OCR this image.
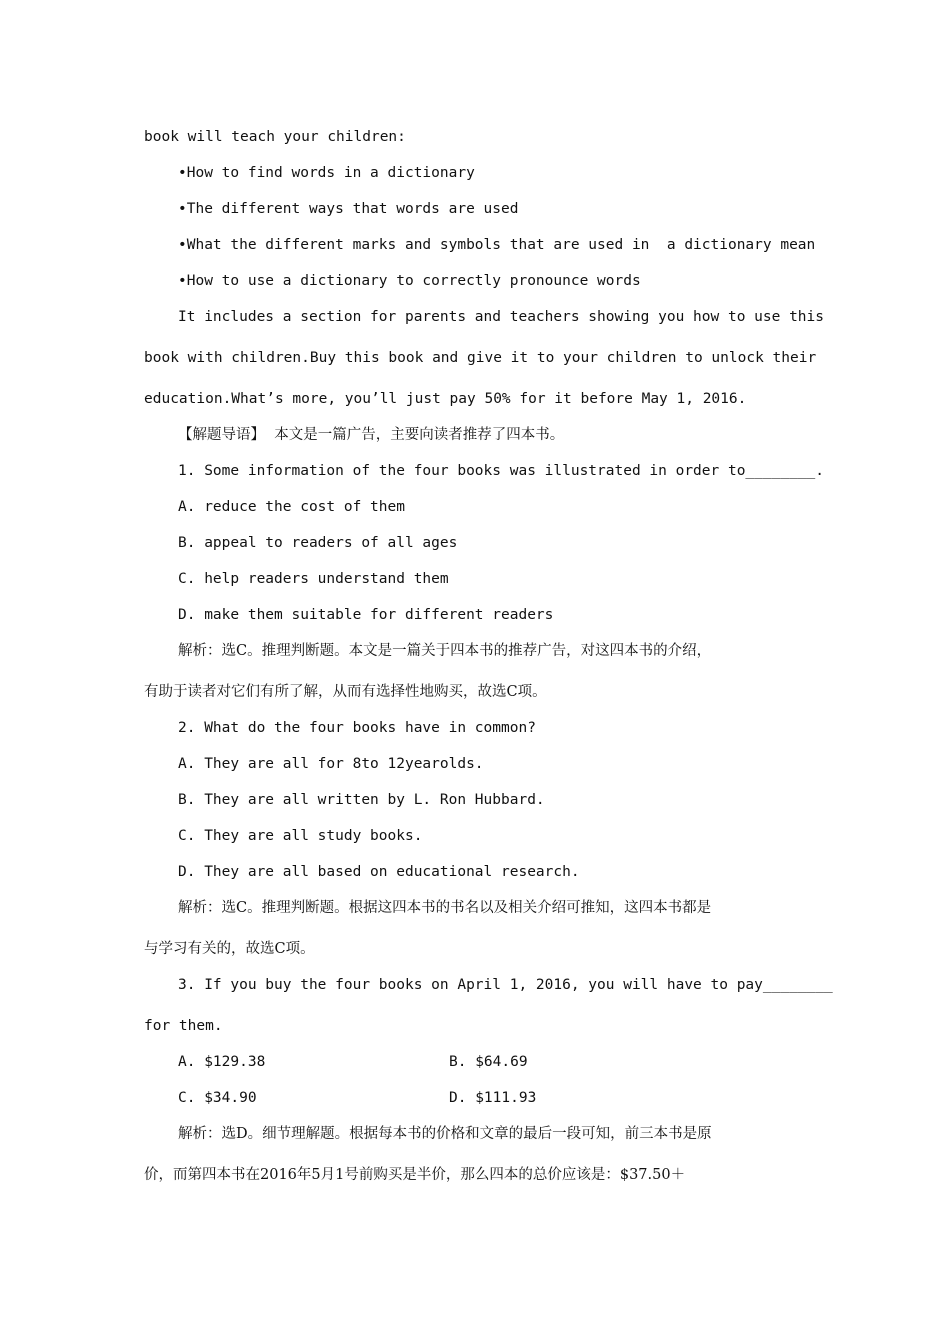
book will teach your children:
•How to find words in a dictionary
•The different ways that words are used
•What the different marks and symbols that are used in  a dictionary mean
•How to use a dictionary to correctly pronounce words
It includes a section for parents and teachers showing you how to use this
book with children.Buy this book and give it to your children to unlock their
education.What’s more, you’ll just pay 50% for it before May 1, 2016.
【解题导语】  本文是一篇广告，主要向读者推荐了四本书。
1. Some information of the four books was illustrated in order to________.
A. reduce the cost of them
B. appeal to readers of all ages
C. help readers understand them
D. make them suitable for different readers
解析：选C。推理判断题。本文是一篇关于四本书的推荐广告，对这四本书的介绍，
有助于读者对它们有所了解，从而有选择性地购买，故选C项。
2. What do the four books have in common?
A. They are all for 8to 12yearolds.
B. They are all written by L. Ron Hubbard.
C. They are all study books.
D. They are all based on educational research.
解析：选C。推理判断题。根据这四本书的书名以及相关介绍可推知，这四本书都是
与学习有关的，故选C项。
3. If you buy the four books on April 1, 2016, you will have to pay________
for them.
A. $129.38	B. $64.69
C. $34.90	D. $111.93
解析：选D。细节理解题。根据每本书的价格和文章的最后一段可知，前三本书是原
价，而第四本书在2016年5月1号前购买是半价，那么四本的总价应该是：$37.50＋
